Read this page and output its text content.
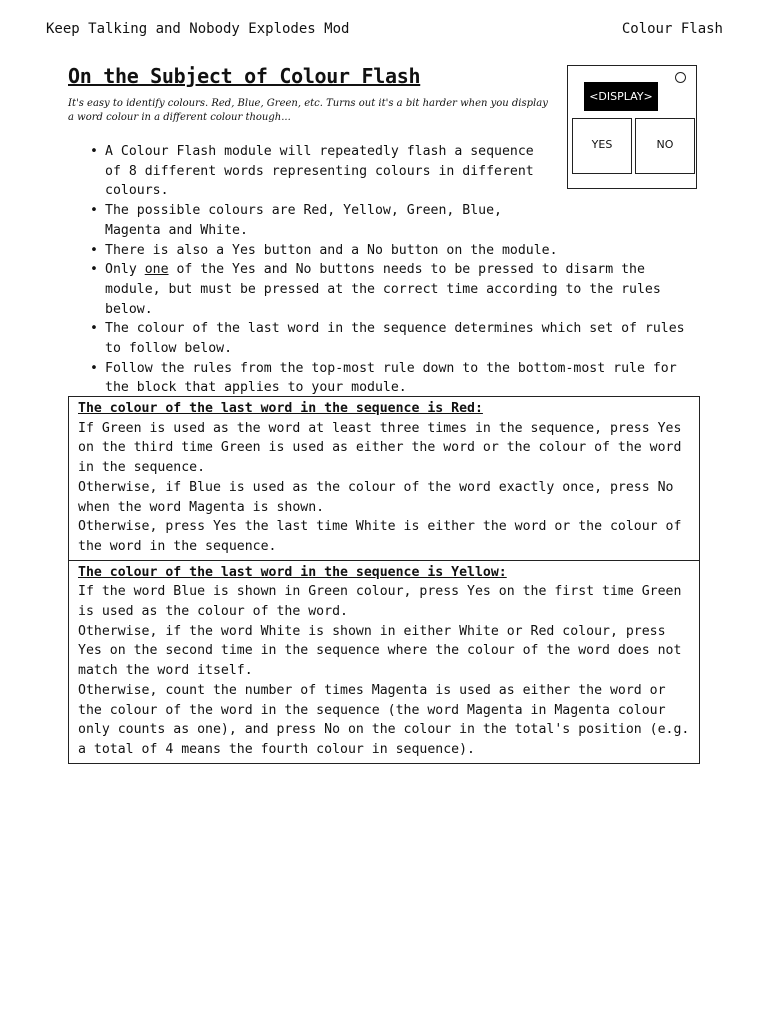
Keep Talking and Nobody Explodes Mod	Colour Flash
On the Subject of Colour Flash
It's easy to identify colours. Red, Blue, Green, etc. Turns out it's a bit harder when you display a word colour in a different colour though...
<DISPLAY>
YES	NO
• A Colour Flash module will repeatedly flash a sequence of 8 different words representing colours in different colours.
• The possible colours are Red, Yellow, Green, Blue, Magenta and White.
• There is also a Yes button and a No button on the module.
• Only one of the Yes and No buttons needs to be pressed to disarm the module, but must be pressed at the correct time according to the rules below.
• The colour of the last word in the sequence determines which set of rules to follow below.
• Follow the rules from the top-most rule down to the bottom-most rule for the block that applies to your module.
The colour of the last word in the sequence is Red:

If Green is used as the word at least three times in the sequence, press Yes on the third time Green is used as either the word or the colour of the word in the sequence.

Otherwise, if Blue is used as the colour of the word exactly once, press No when the word Magenta is shown.

Otherwise, press Yes the last time White is either the word or the colour of the word in the sequence.

The colour of the last word in the sequence is Yellow:

If the word Blue is shown in Green colour, press Yes on the first time Green is used as the colour of the word.

Otherwise, if the word White is shown in either White or Red colour, press Yes on the second time in the sequence where the colour of the word does not match the word itself.

Otherwise, count the number of times Magenta is used as either the word or the colour of the word in the sequence (the word Magenta in Magenta colour only counts as one), and press No on the colour in the total's position (e.g. a total of 4 means the fourth colour in sequence).
